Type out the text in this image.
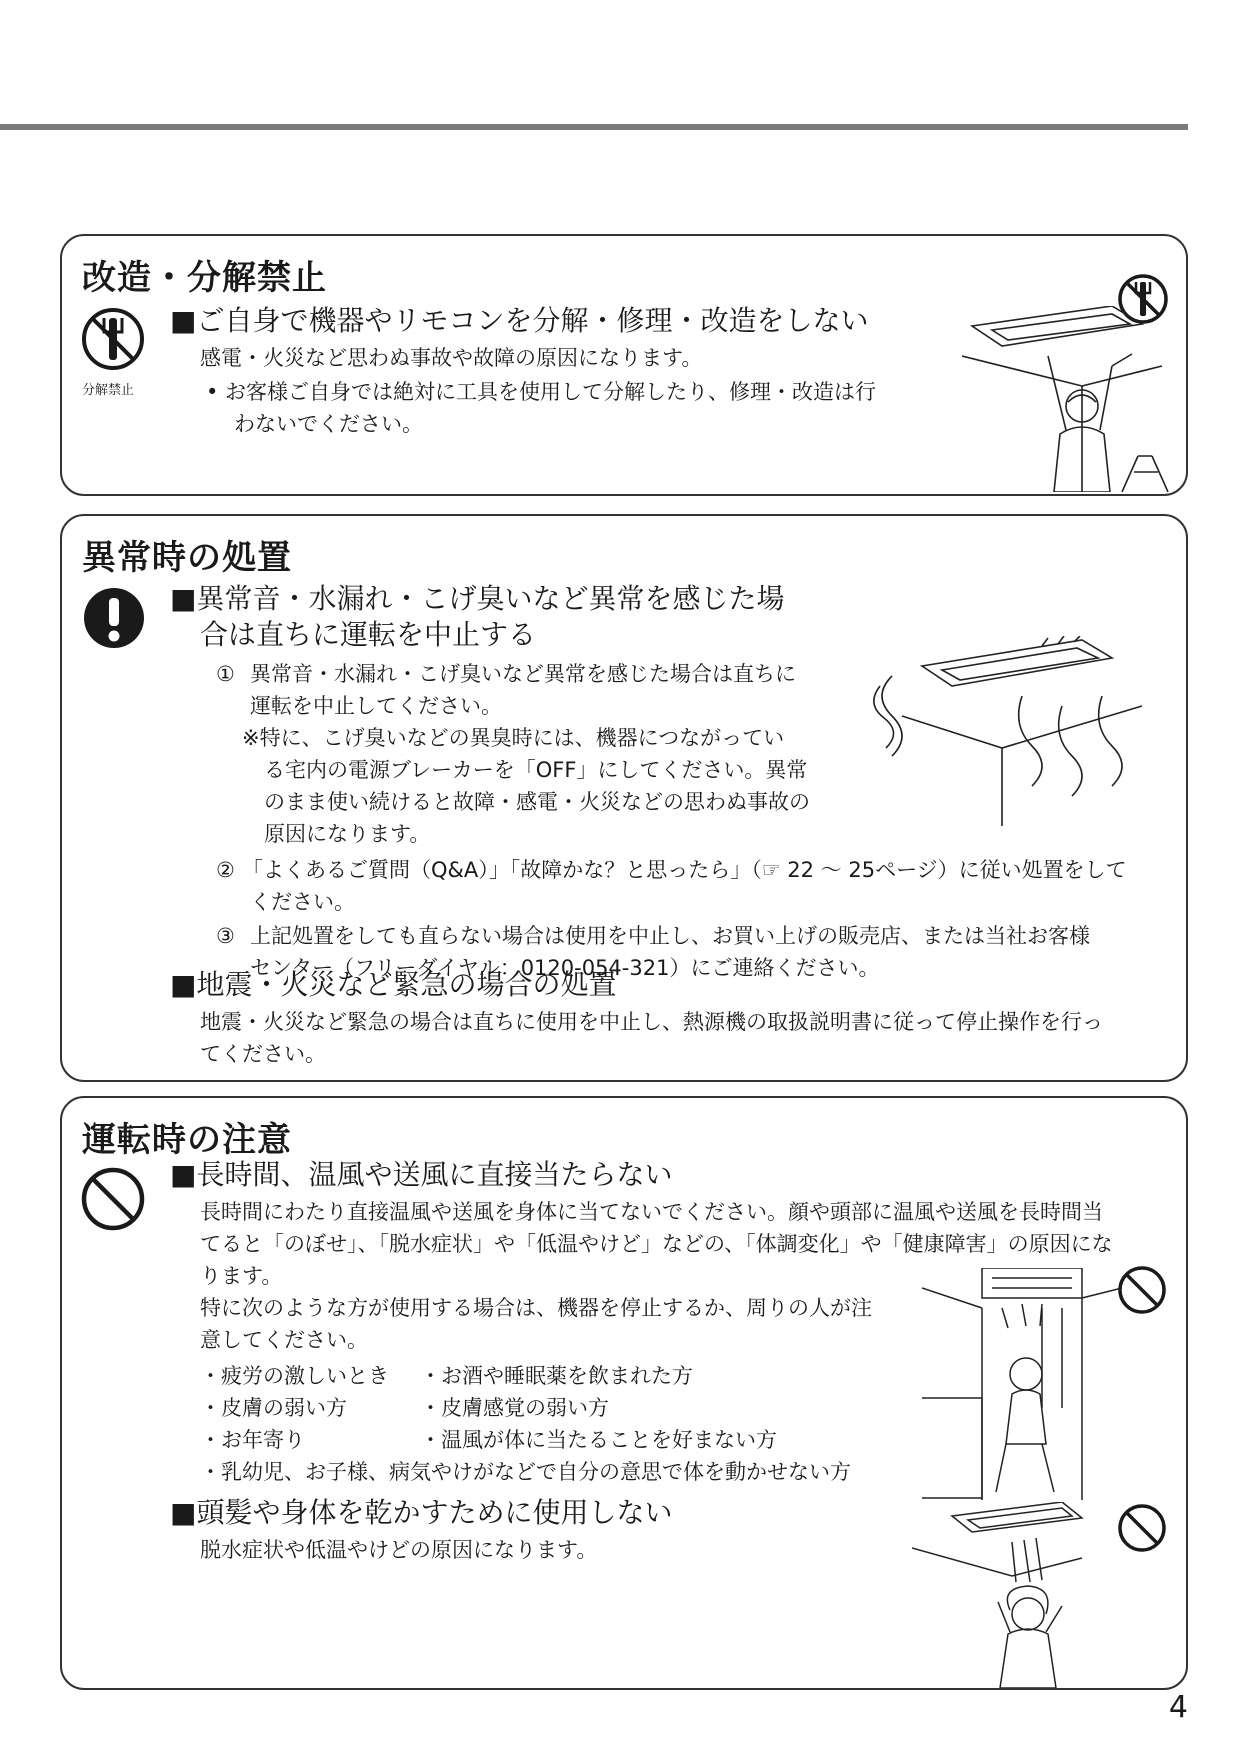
改造・分解禁止
分解禁止
■ご自身で機器やリモコンを分解・修理・改造をしない

感電・火災など思わぬ事故や故障の原因になります。

• お客様ご自身では絶対に工具を使用して分解したり、修理・改造は行

わないでください。

異常時の処置
■異常音・水漏れ・こげ臭いなど異常を感じた場
合は直ちに運転を中止する

① 異常音・水漏れ・こげ臭いなど異常を感じた場合は直ちに

運転を中止してください。

※特に、こげ臭いなどの異臭時には、機器につながってい

る宅内の電源ブレーカーを「OFF」にしてください。異常

のまま使い続けると故障・感電・火災などの思わぬ事故の

原因になります。

② 「よくあるご質問（Q&A）」「故障かな？と思ったら」（☞ 22 ～ 25ページ）に従い処置をして

ください。

③ 上記処置をしても直らない場合は使用を中止し、お買い上げの販売店、または当社お客様

センター（フリーダイヤル：0120-054-321）にご連絡ください。

■地震・火災など緊急の場合の処置

地震・火災など緊急の場合は直ちに使用を中止し、熱源機の取扱説明書に従って停止操作を行っ

てください。

運転時の注意
■長時間、温風や送風に直接当たらない

長時間にわたり直接温風や送風を身体に当てないでください。顔や頭部に温風や送風を長時間当

てると「のぼせ」、「脱水症状」や「低温やけど」などの、「体調変化」や「健康障害」の原因にな

ります。

特に次のような方が使用する場合は、機器を停止するか、周りの人が注

意してください。

・疲労の激しいとき ・お酒や睡眠薬を飲まれた方

・皮膚の弱い方	・皮膚感覚の弱い方

・お年寄り	・温風が体に当たることを好まない方

・乳幼児、お子様、病気やけがなどで自分の意思で体を動かせない方

■頭髪や身体を乾かすために使用しない

脱水症状や低温やけどの原因になります。

4
